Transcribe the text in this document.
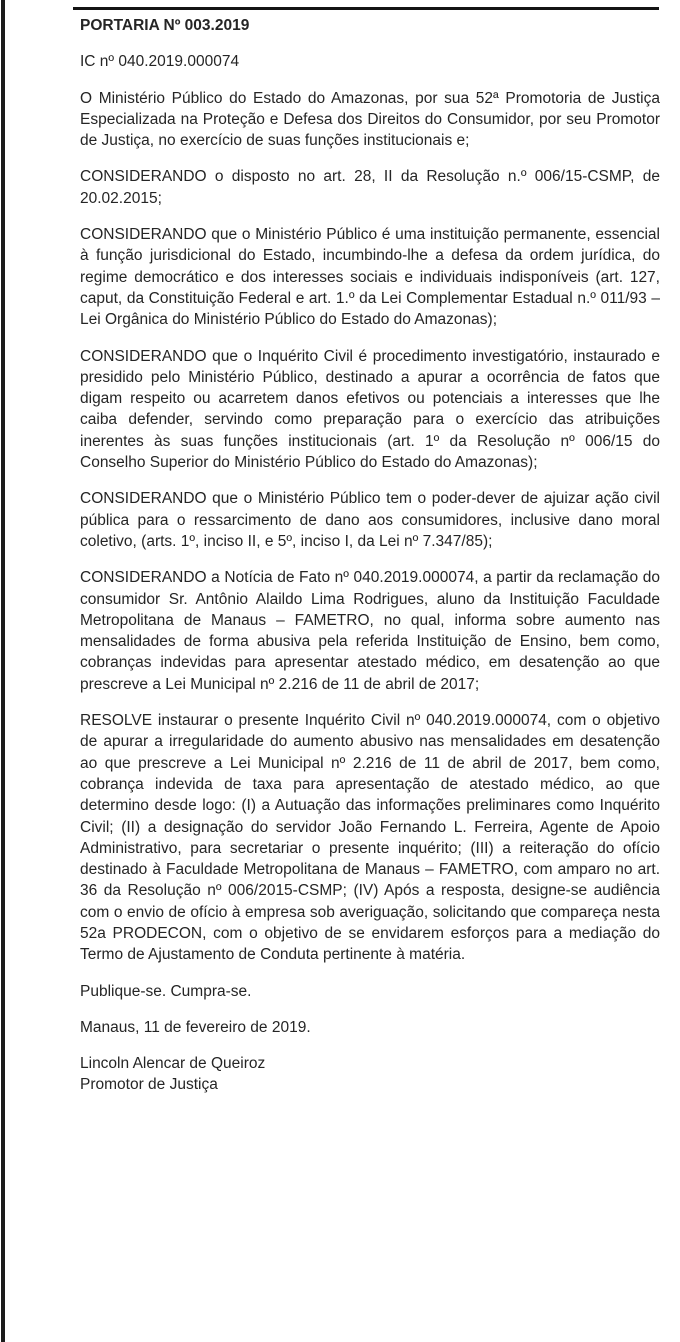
PORTARIA Nº 003.2019

IC nº 040.2019.000074

O Ministério Público do Estado do Amazonas, por sua 52ª Promotoria de Justiça Especializada na Proteção e Defesa dos Direitos do Consumidor, por seu Promotor de Justiça, no exercício de suas funções institucionais e;

CONSIDERANDO o disposto no art. 28, II da Resolução n.º 006/15-CSMP, de 20.02.2015;

CONSIDERANDO que o Ministério Público é uma instituição permanente, essencial à função jurisdicional do Estado, incumbindo-lhe a defesa da ordem jurídica, do regime democrático e dos interesses sociais e individuais indisponíveis (art. 127, caput, da Constituição Federal e art. 1.º da Lei Complementar Estadual n.º 011/93 – Lei Orgânica do Ministério Público do Estado do Amazonas);

CONSIDERANDO que o Inquérito Civil é procedimento investigatório, instaurado e presidido pelo Ministério Público, destinado a apurar a ocorrência de fatos que digam respeito ou acarretem danos efetivos ou potenciais a interesses que lhe caiba defender, servindo como preparação para o exercício das atribuições inerentes às suas funções institucionais (art. 1º da Resolução nº 006/15 do Conselho Superior do Ministério Público do Estado do Amazonas);

CONSIDERANDO que o Ministério Público tem o poder-dever de ajuizar ação civil pública para o ressarcimento de dano aos consumidores, inclusive dano moral coletivo, (arts. 1º, inciso II, e 5º, inciso I, da Lei nº 7.347/85);

CONSIDERANDO a Notícia de Fato nº 040.2019.000074, a partir da reclamação do consumidor Sr. Antônio Alaildo Lima Rodrigues, aluno da Instituição Faculdade Metropolitana de Manaus – FAMETRO, no qual, informa sobre aumento nas mensalidades de forma abusiva pela referida Instituição de Ensino, bem como, cobranças indevidas para apresentar atestado médico, em desatenção ao que prescreve a Lei Municipal nº 2.216 de 11 de abril de 2017;

RESOLVE instaurar o presente Inquérito Civil nº 040.2019.000074, com o objetivo de apurar a irregularidade do aumento abusivo nas mensalidades em desatenção ao que prescreve a Lei Municipal nº 2.216 de 11 de abril de 2017, bem como, cobrança indevida de taxa para apresentação de atestado médico, ao que determino desde logo: (I) a Autuação das informações preliminares como Inquérito Civil; (II) a designação do servidor João Fernando L. Ferreira, Agente de Apoio Administrativo, para secretariar o presente inquérito; (III) a reiteração do ofício destinado à Faculdade Metropolitana de Manaus – FAMETRO, com amparo no art. 36 da Resolução nº 006/2015-CSMP; (IV) Após a resposta, designe-se audiência com o envio de ofício à empresa sob averiguação, solicitando que compareça nesta 52a PRODECON, com o objetivo de se envidarem esforços para a mediação do Termo de Ajustamento de Conduta pertinente à matéria.

Publique-se. Cumpra-se.

Manaus, 11 de fevereiro de 2019.

Lincoln Alencar de Queiroz

Promotor de Justiça
